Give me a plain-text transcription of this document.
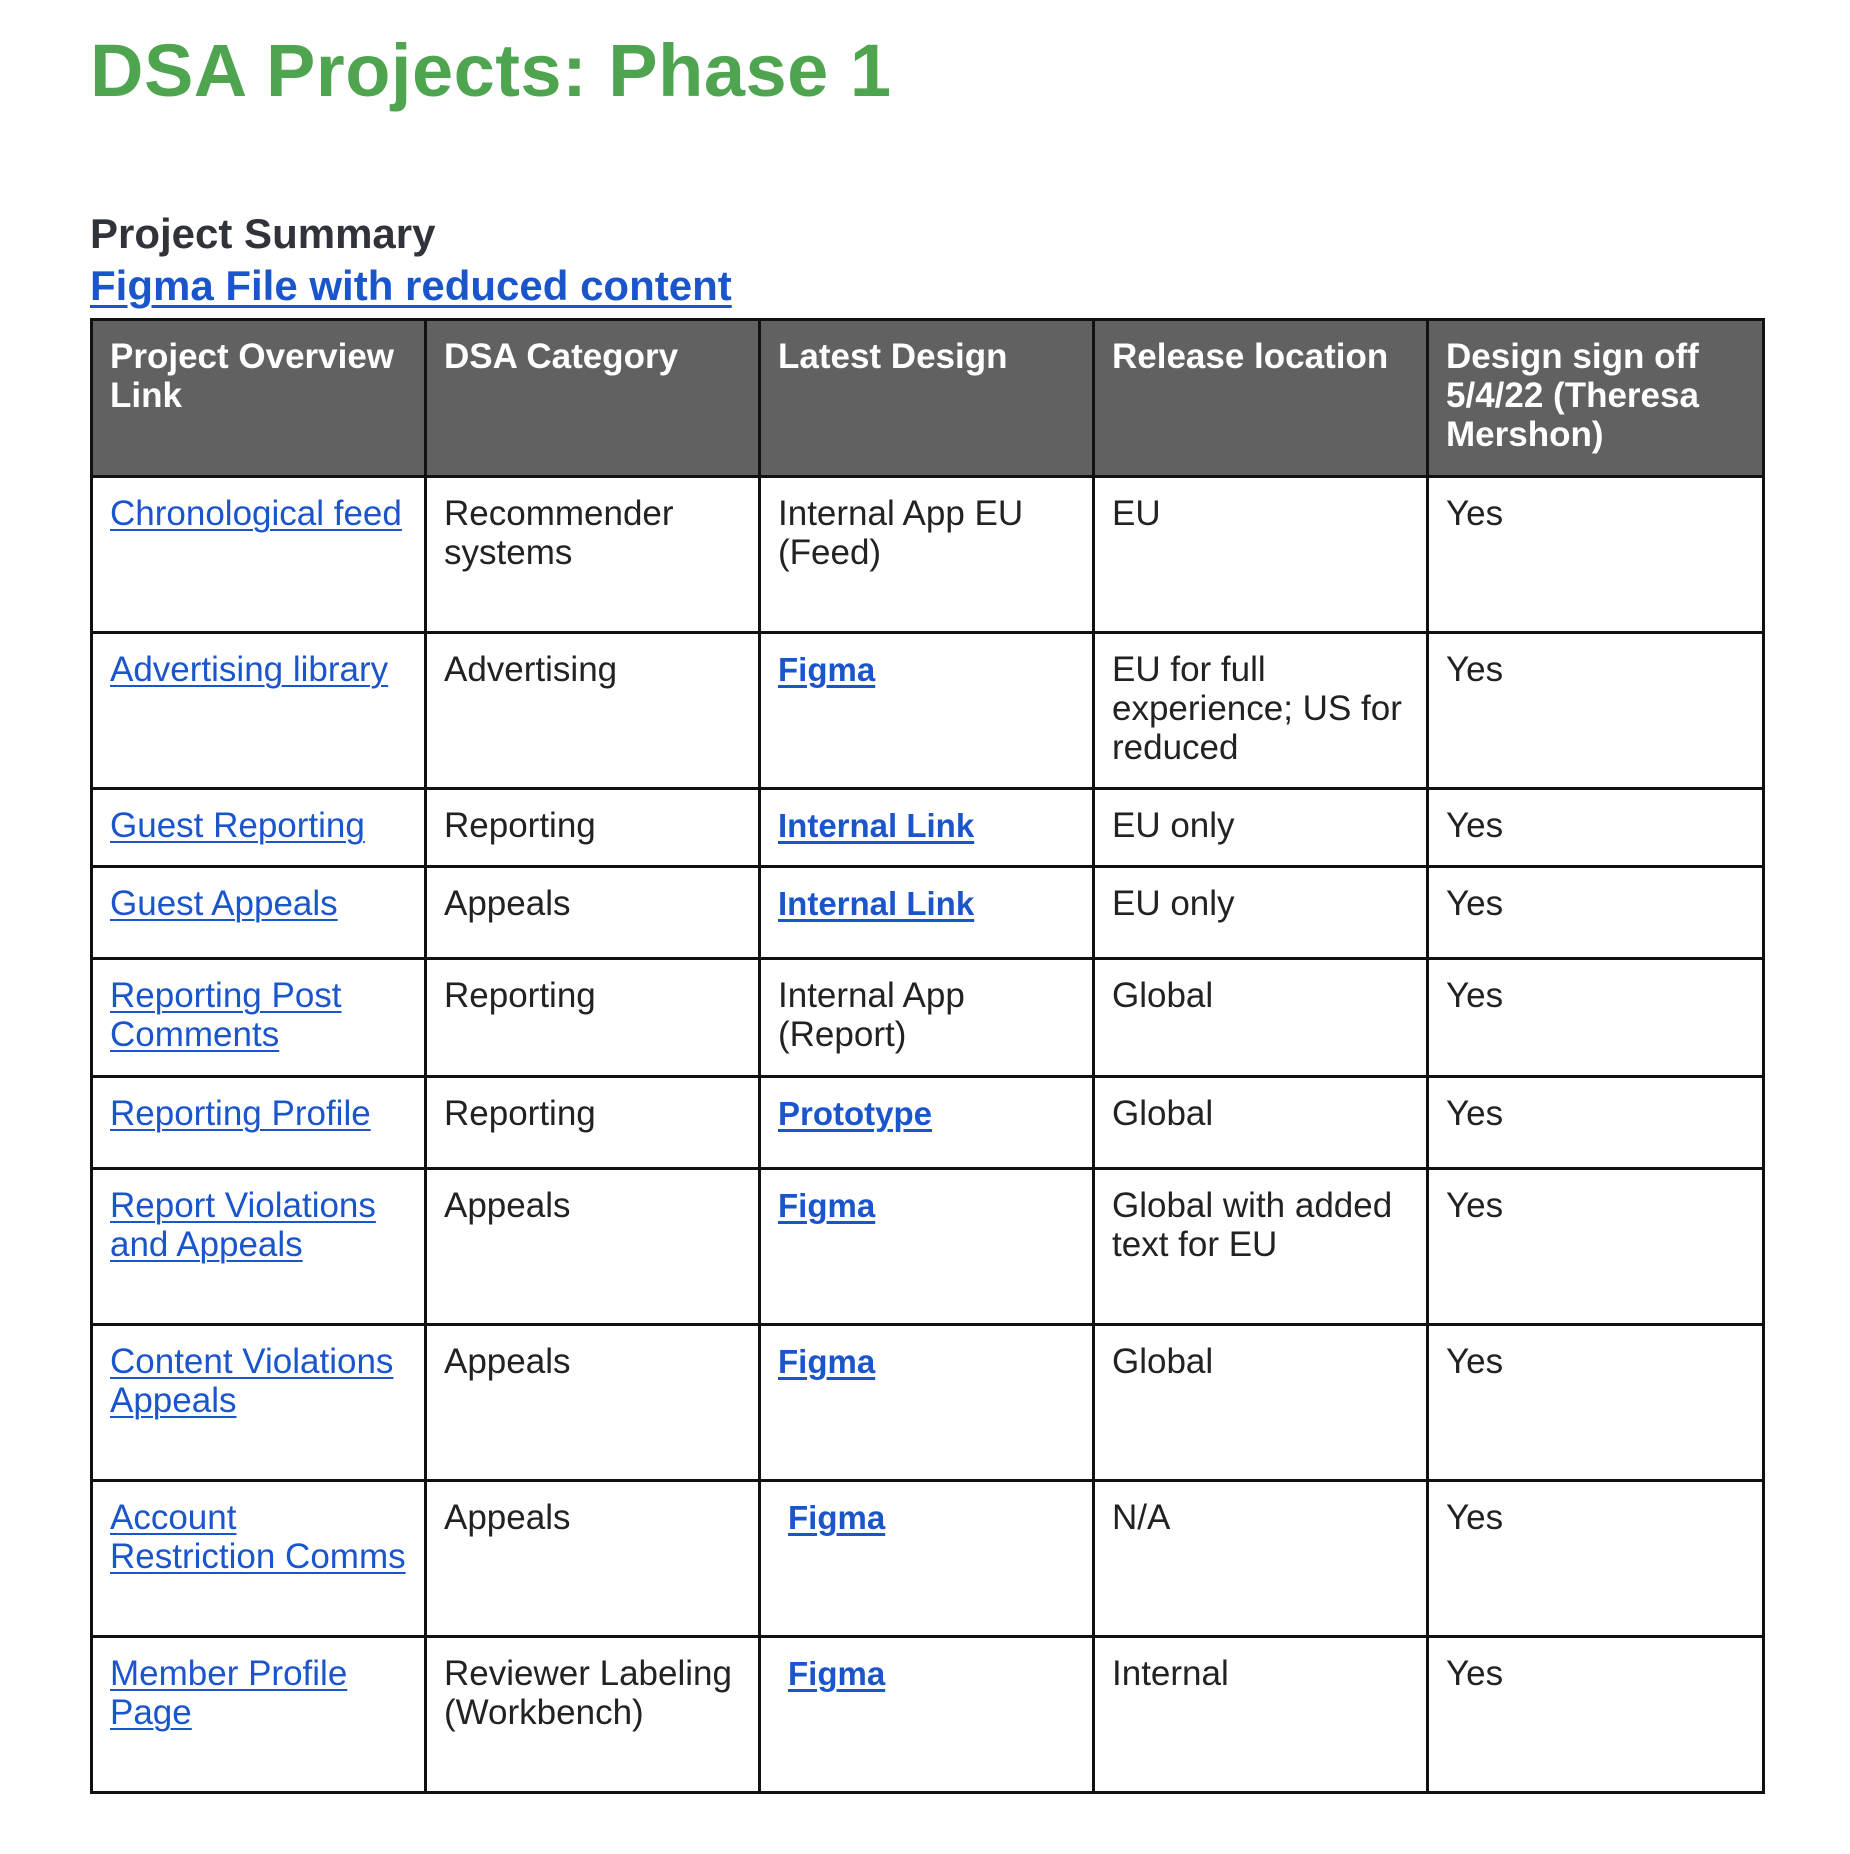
DSA Projects: Phase 1
Project Summary
Figma File with reduced content
Project Overview Link	DSA Category	Latest Design	Release location	Design sign off 5/4/22 (Theresa Mershon)
Chronological feed	Recommender systems	Internal App EU (Feed)	EU	Yes
Advertising library	Advertising	Figma	EU for full experience; US for reduced	Yes
Guest Reporting	Reporting	Internal Link	EU only	Yes
Guest Appeals	Appeals	Internal Link	EU only	Yes
Reporting Post Comments	Reporting	Internal App (Report)	Global	Yes
Reporting Profile	Reporting	Prototype	Global	Yes
Report Violations and Appeals	Appeals	Figma	Global with added text for EU	Yes
Content Violations Appeals	Appeals	Figma	Global	Yes
Account Restriction Comms	Appeals	Figma	N/A	Yes
Member Profile Page	Reviewer Labeling (Workbench)	Figma	Internal	Yes
